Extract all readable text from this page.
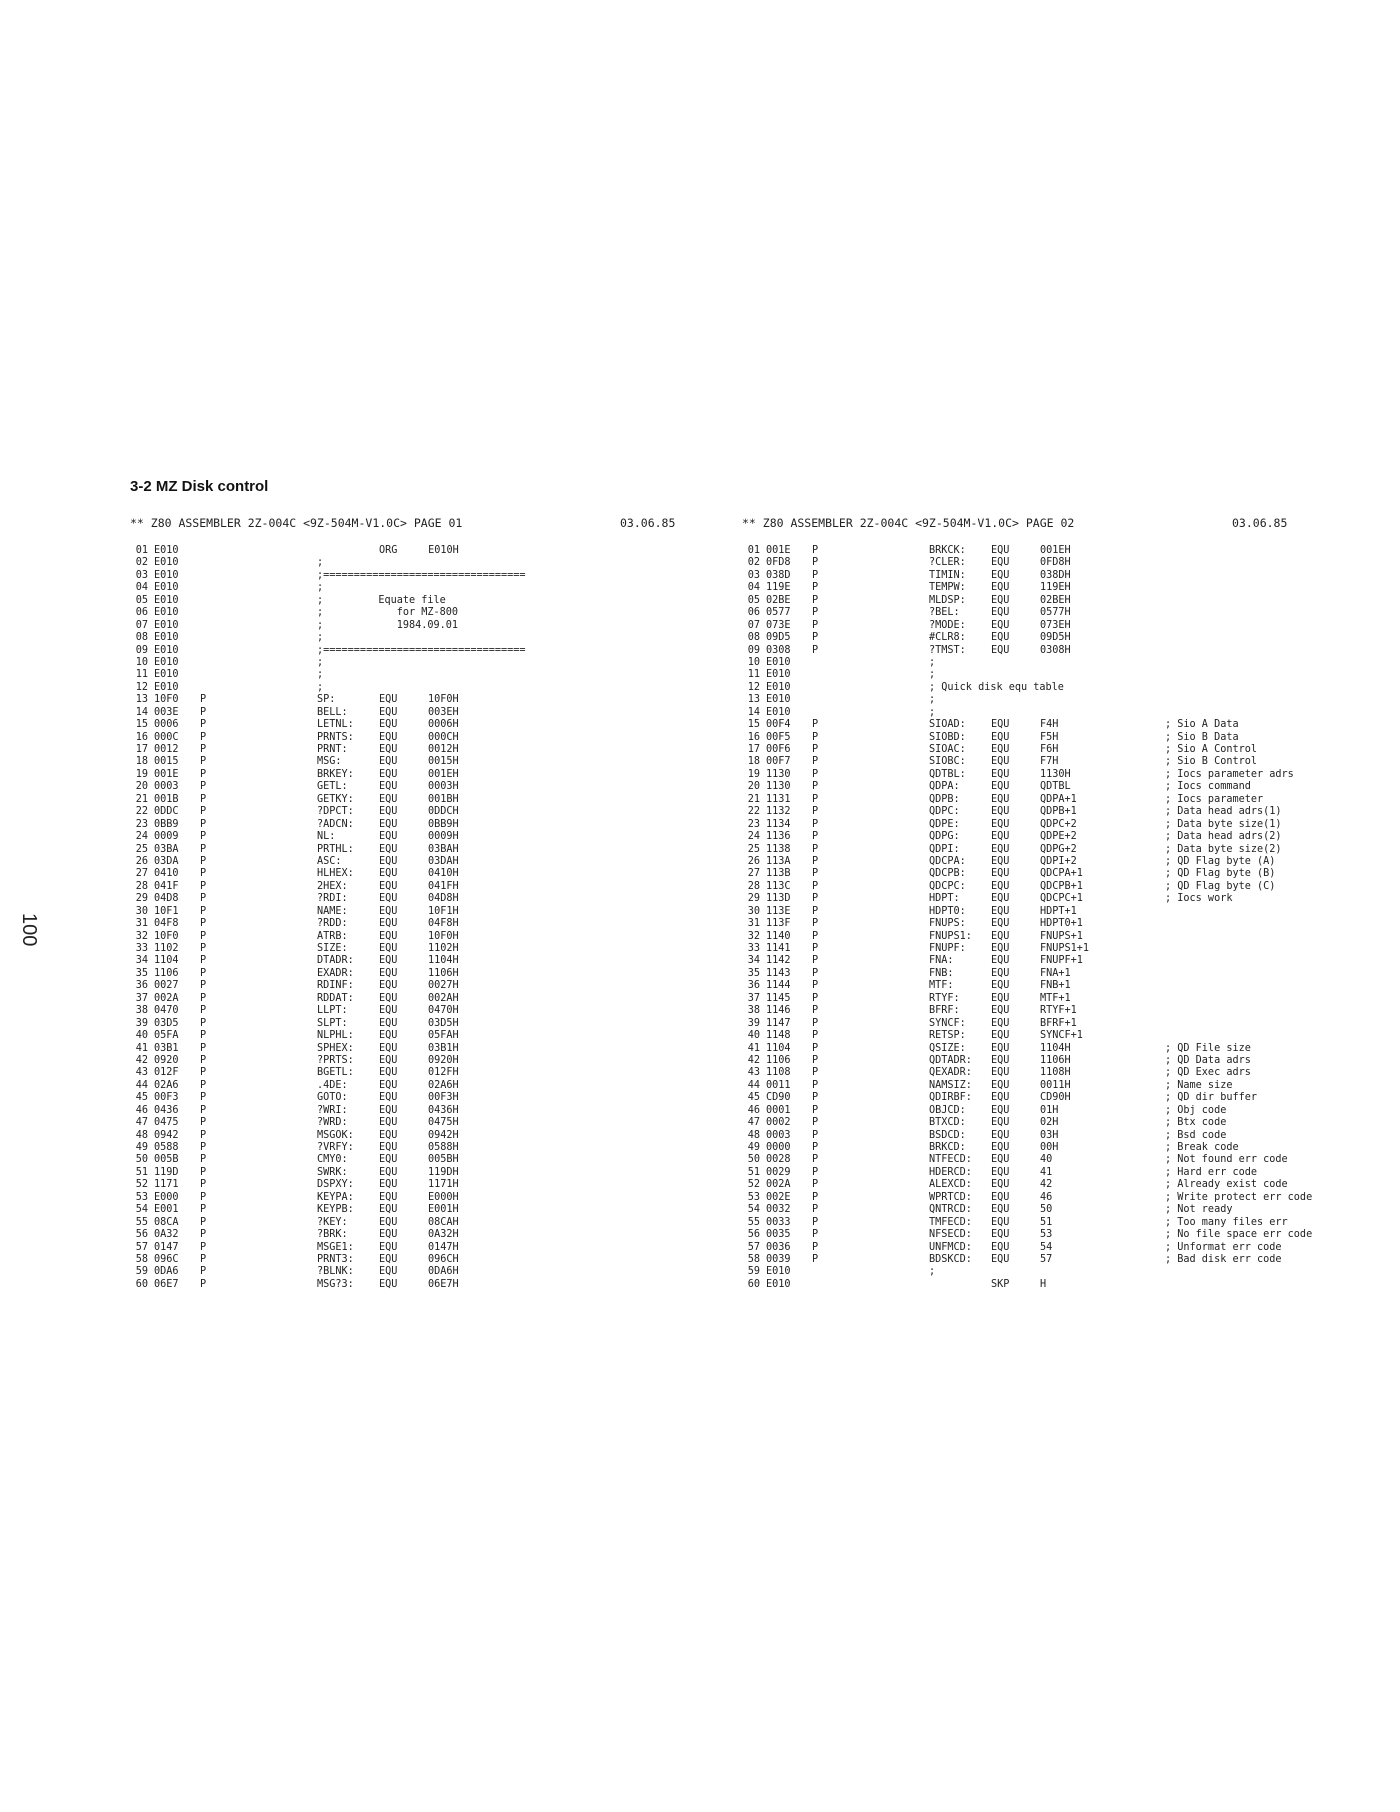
3-2 MZ Disk control
100

** Z80 ASSEMBLER 2Z-004C <9Z-504M-V1.0C> PAGE 01

	03.06.85

01 E010	ORG     E010H
02 E010	;
03 E010	;=================================
04 E010	;
05 E010	;         Equate file
06 E010	;            for MZ-800
07 E010	;            1984.09.01
08 E010	;
09 E010	;=================================
10 E010	;
11 E010	;
12 E010	;
13 10F0 P	SP:	EQU	10F0H
14 003E P	BELL:	EQU	003EH
15 0006 P	LETNL: EQU	0006H
16 000C P	PRNTS: EQU	000CH
17 0012 P	PRNT:	EQU	0012H
18 0015 P	MSG:	EQU	0015H
19 001E P	BRKEY: EQU	001EH
20 0003 P	GETL:	EQU	0003H
21 001B P	GETKY: EQU	001BH
22 0DDC P	?DPCT: EQU	0DDCH
23 0BB9 P	?ADCN: EQU	0BB9H
24 0009 P	NL:	EQU	0009H
25 03BA P	PRTHL: EQU	03BAH
26 03DA P	ASC:	EQU	03DAH
27 0410 P	HLHEX: EQU	0410H
28 041F P	2HEX:	EQU	041FH
29 04D8 P	?RDI:	EQU	04D8H
30 10F1 P	NAME:	EQU	10F1H
31 04F8 P	?RDD:	EQU	04F8H
32 10F0 P	ATRB:	EQU	10F0H
33 1102 P	SIZE:	EQU	1102H
34 1104 P	DTADR: EQU	1104H
35 1106 P	EXADR: EQU	1106H
36 0027 P	RDINF: EQU	0027H
37 002A P	RDDAT: EQU	002AH
38 0470 P	LLPT:	EQU	0470H
39 03D5 P	SLPT:	EQU	03D5H
40 05FA P	NLPHL: EQU	05FAH
41 03B1 P	SPHEX: EQU	03B1H
42 0920 P	?PRTS: EQU	0920H
43 012F P	BGETL: EQU	012FH
44 02A6 P	.4DE:	EQU	02A6H
45 00F3 P	GOTO:	EQU	00F3H
46 0436 P	?WRI:	EQU	0436H
47 0475 P	?WRD:	EQU	0475H
48 0942 P	MSGOK: EQU	0942H
49 0588 P	?VRFY: EQU	0588H
50 005B P	CMY0:	EQU	005BH
51 119D P	SWRK:	EQU	119DH
52 1171 P	DSPXY: EQU	1171H
53 E000 P	KEYPA: EQU	E000H
54 E001 P	KEYPB: EQU	E001H
55 08CA P	?KEY:	EQU	08CAH
56 0A32 P	?BRK:	EQU	0A32H
57 0147 P	MSGE1: EQU	0147H
58 096C P	PRNT3: EQU	096CH
59 0DA6 P	?BLNK: EQU	0DA6H
60 06E7 P	MSG?3: EQU	06E7H

** Z80 ASSEMBLER 2Z-004C <9Z-504M-V1.0C> PAGE 02

	03.06.85

01 001E P	BRKCK: EQU	001EH
02 0FD8 P	?CLER: EQU	0FD8H
03 038D P	TIMIN: EQU	038DH
04 119E P	TEMPW: EQU	119EH
05 02BE P	MLDSP: EQU	02BEH
06 0577 P	?BEL:	EQU	0577H
07 073E P	?MODE: EQU	073EH
08 09D5 P	#CLR8: EQU	09D5H
09 0308 P	?TMST: EQU	0308H
10 E010	;
11 E010	;
12 E010	; Quick disk equ table
13 E010	;
14 E010	;
15 00F4 P	SIOAD: EQU	F4H	; Sio A Data
16 00F5 P	SIOBD: EQU	F5H	; Sio B Data
17 00F6 P	SIOAC: EQU	F6H	; Sio A Control
18 00F7 P	SIOBC: EQU	F7H	; Sio B Control
19 1130 P	QDTBL: EQU	1130H	; Iocs parameter adrs
20 1130 P	QDPA:	EQU	QDTBL	; Iocs command
21 1131 P	QDPB:	EQU	QDPA+1	; Iocs parameter
22 1132 P	QDPC:	EQU	QDPB+1	; Data head adrs(1)
23 1134 P	QDPE:	EQU	QDPC+2	; Data byte size(1)
24 1136 P	QDPG:	EQU	QDPE+2	; Data head adrs(2)
25 1138 P	QDPI:	EQU	QDPG+2	; Data byte size(2)
26 113A P	QDCPA: EQU	QDPI+2	; QD Flag byte (A)
27 113B P	QDCPB: EQU	QDCPA+1	; QD Flag byte (B)
28 113C P	QDCPC: EQU	QDCPB+1	; QD Flag byte (C)
29 113D P	HDPT:	EQU	QDCPC+1	; Iocs work
30 113E P	HDPT0: EQU	HDPT+1
31 113F P	FNUPS: EQU	HDPT0+1
32 1140 P	FNUPS1: EQU	FNUPS+1
33 1141 P	FNUPF: EQU	FNUPS1+1
34 1142 P	FNA:	EQU	FNUPF+1
35 1143 P	FNB:	EQU	FNA+1
36 1144 P	MTF:	EQU	FNB+1
37 1145 P	RTYF:	EQU	MTF+1
38 1146 P	BFRF:	EQU	RTYF+1
39 1147 P	SYNCF: EQU	BFRF+1
40 1148 P	RETSP: EQU	SYNCF+1
41 1104 P	QSIZE: EQU	1104H	; QD File size
42 1106 P	QDTADR: EQU	1106H	; QD Data adrs
43 1108 P	QEXADR: EQU	1108H	; QD Exec adrs
44 0011 P	NAMSIZ: EQU	0011H	; Name size
45 CD90 P	QDIRBF: EQU	CD90H	; QD dir buffer
46 0001 P	OBJCD: EQU	01H	; Obj code
47 0002 P	BTXCD: EQU	02H	; Btx code
48 0003 P	BSDCD: EQU	03H	; Bsd code
49 0000 P	BRKCD: EQU	00H	; Break code
50 0028 P	NTFECD: EQU	40	; Not found err code
51 0029 P	HDERCD: EQU	41	; Hard err code
52 002A P	ALEXCD: EQU	42	; Already exist code
53 002E P	WPRTCD: EQU	46	; Write protect err code
54 0032 P	QNTRCD: EQU	50	; Not ready
55 0033 P	TMFECD: EQU	51	; Too many files err
56 0035 P	NFSECD: EQU	53	; No file space err code
57 0036 P	UNFMCD: EQU	54	; Unformat err code
58 0039 P	BDSKCD: EQU	57	; Bad disk err code
59 E010	;
60 E010	SKP	H
